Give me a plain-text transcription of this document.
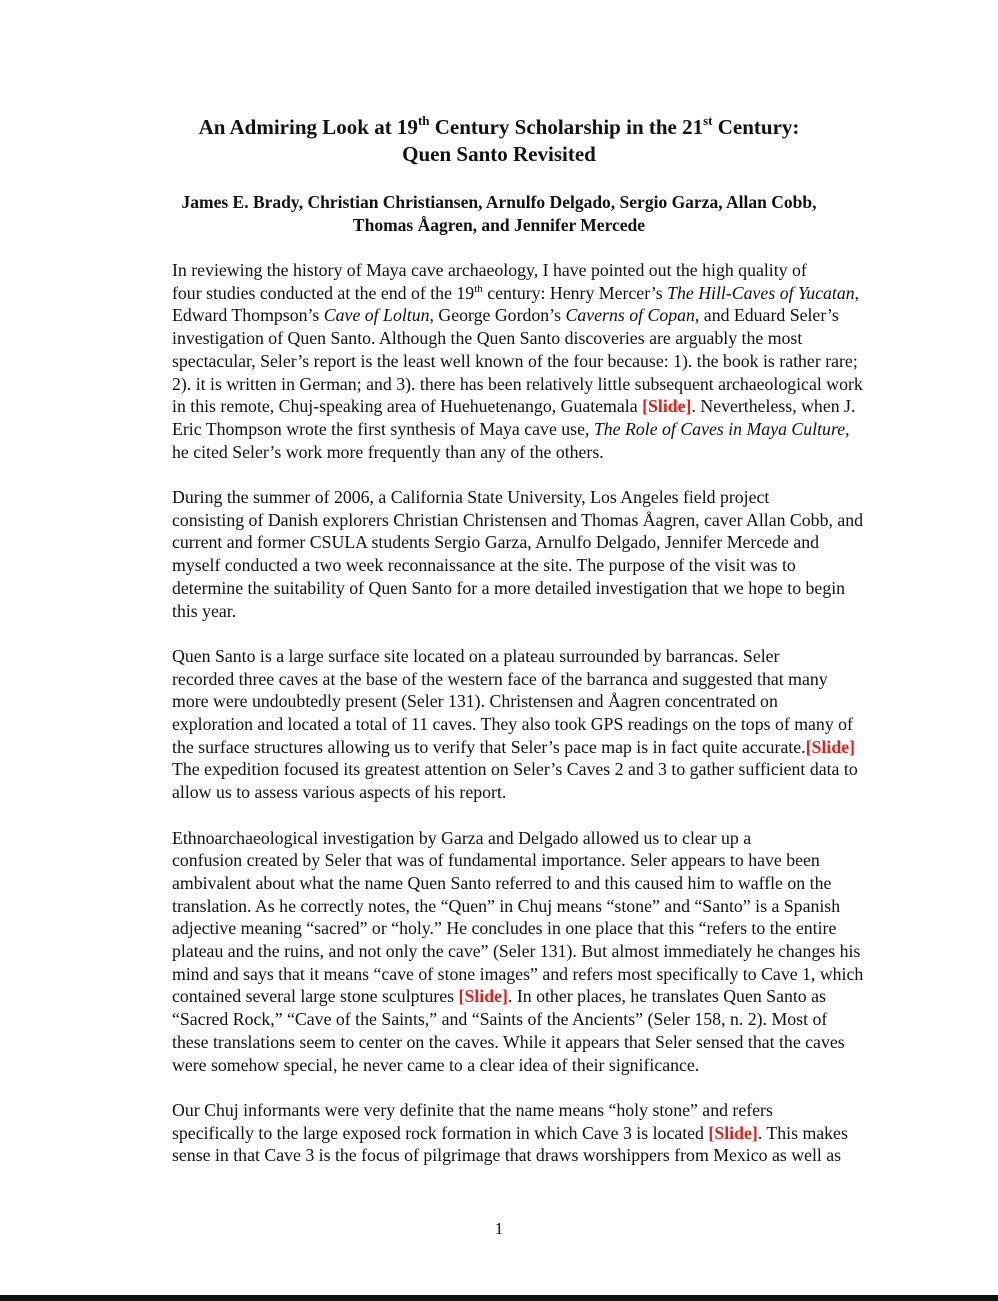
An Admiring Look at 19th Century Scholarship in the 21st Century:
Quen Santo Revisited
James E. Brady, Christian Christiansen, Arnulfo Delgado, Sergio Garza, Allan Cobb,
Thomas Åagren, and Jennifer Mercede

In reviewing the history of Maya cave archaeology, I have pointed out the high quality of
four studies conducted at the end of the 19th century: Henry Mercer’s The Hill-Caves of Yucatan,
Edward Thompson’s Cave of Loltun, George Gordon’s Caverns of Copan, and Eduard Seler’s
investigation of Quen Santo. Although the Quen Santo discoveries are arguably the most
spectacular, Seler’s report is the least well known of the four because: 1). the book is rather rare;
2). it is written in German; and 3). there has been relatively little subsequent archaeological work
in this remote, Chuj-speaking area of Huehuetenango, Guatemala [Slide]. Nevertheless, when J.
Eric Thompson wrote the first synthesis of Maya cave use, The Role of Caves in Maya Culture,
he cited Seler’s work more frequently than any of the others.

During the summer of 2006, a California State University, Los Angeles field project
consisting of Danish explorers Christian Christensen and Thomas Åagren, caver Allan Cobb, and
current and former CSULA students Sergio Garza, Arnulfo Delgado, Jennifer Mercede and
myself conducted a two week reconnaissance at the site. The purpose of the visit was to
determine the suitability of Quen Santo for a more detailed investigation that we hope to begin
this year.

Quen Santo is a large surface site located on a plateau surrounded by barrancas. Seler
recorded three caves at the base of the western face of the barranca and suggested that many
more were undoubtedly present (Seler 131). Christensen and Åagren concentrated on
exploration and located a total of 11 caves. They also took GPS readings on the tops of many of
the surface structures allowing us to verify that Seler’s pace map is in fact quite accurate.[Slide]
The expedition focused its greatest attention on Seler’s Caves 2 and 3 to gather sufficient data to
allow us to assess various aspects of his report.

Ethnoarchaeological investigation by Garza and Delgado allowed us to clear up a
confusion created by Seler that was of fundamental importance. Seler appears to have been
ambivalent about what the name Quen Santo referred to and this caused him to waffle on the
translation. As he correctly notes, the “Quen” in Chuj means “stone” and “Santo” is a Spanish
adjective meaning “sacred” or “holy.” He concludes in one place that this “refers to the entire
plateau and the ruins, and not only the cave” (Seler 131). But almost immediately he changes his
mind and says that it means “cave of stone images” and refers most specifically to Cave 1, which
contained several large stone sculptures [Slide]. In other places, he translates Quen Santo as
“Sacred Rock,” “Cave of the Saints,” and “Saints of the Ancients” (Seler 158, n. 2). Most of
these translations seem to center on the caves. While it appears that Seler sensed that the caves
were somehow special, he never came to a clear idea of their significance.

Our Chuj informants were very definite that the name means “holy stone” and refers
specifically to the large exposed rock formation in which Cave 3 is located [Slide]. This makes
sense in that Cave 3 is the focus of pilgrimage that draws worshippers from Mexico as well as

1
